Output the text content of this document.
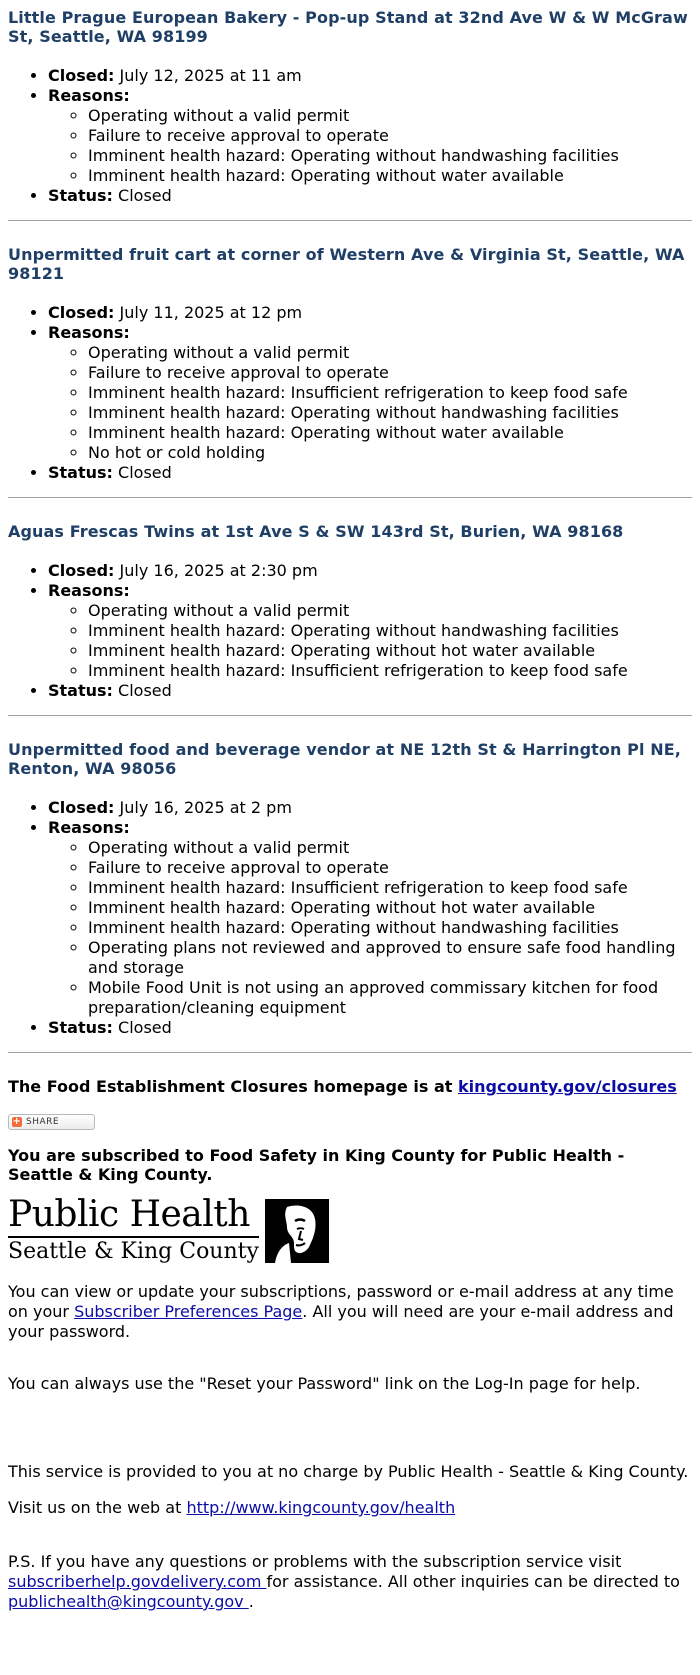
Little Prague European Bakery - Pop-up Stand at 32nd Ave W & W McGraw St, Seattle, WA 98199
• Closed: July 12, 2025 at 11 am
• Reasons:
◦ Operating without a valid permit
◦ Failure to receive approval to operate
◦ Imminent health hazard: Operating without handwashing facilities
◦ Imminent health hazard: Operating without water available
• Status: Closed
Unpermitted fruit cart at corner of Western Ave & Virginia St, Seattle, WA 98121
• Closed: July 11, 2025 at 12 pm
• Reasons:
◦ Operating without a valid permit
◦ Failure to receive approval to operate
◦ Imminent health hazard: Insufficient refrigeration to keep food safe
◦ Imminent health hazard: Operating without handwashing facilities
◦ Imminent health hazard: Operating without water available
◦ No hot or cold holding
• Status: Closed
Aguas Frescas Twins at 1st Ave S & SW 143rd St, Burien, WA 98168
• Closed: July 16, 2025 at 2:30 pm
• Reasons:
◦ Operating without a valid permit
◦ Imminent health hazard: Operating without handwashing facilities
◦ Imminent health hazard: Operating without hot water available
◦ Imminent health hazard: Insufficient refrigeration to keep food safe
• Status: Closed
Unpermitted food and beverage vendor at NE 12th St & Harrington Pl NE, Renton, WA 98056
• Closed: July 16, 2025 at 2 pm
• Reasons:
◦ Operating without a valid permit
◦ Failure to receive approval to operate
◦ Imminent health hazard: Insufficient refrigeration to keep food safe
◦ Imminent health hazard: Operating without hot water available
◦ Imminent health hazard: Operating without handwashing facilities
◦ Operating plans not reviewed and approved to ensure safe food handling and storage
◦ Mobile Food Unit is not using an approved commissary kitchen for food preparation/cleaning equipment
• Status: Closed
The Food Establishment Closures homepage is at kingcounty.gov/closures
+ SHARE
You are subscribed to Food Safety in King County for Public Health - Seattle & King County.
Public Health
Seattle & King County

You can view or update your subscriptions, password or e-mail address at any time on your Subscriber Preferences Page. All you will need are your e-mail address and your password.

You can always use the "Reset your Password" link on the Log-In page for help.

This service is provided to you at no charge by Public Health - Seattle & King County.

Visit us on the web at http://www.kingcounty.gov/health

P.S. If you have any questions or problems with the subscription service visit subscriberhelp.govdelivery.com for assistance. All other inquiries can be directed to publichealth@kingcounty.gov .
